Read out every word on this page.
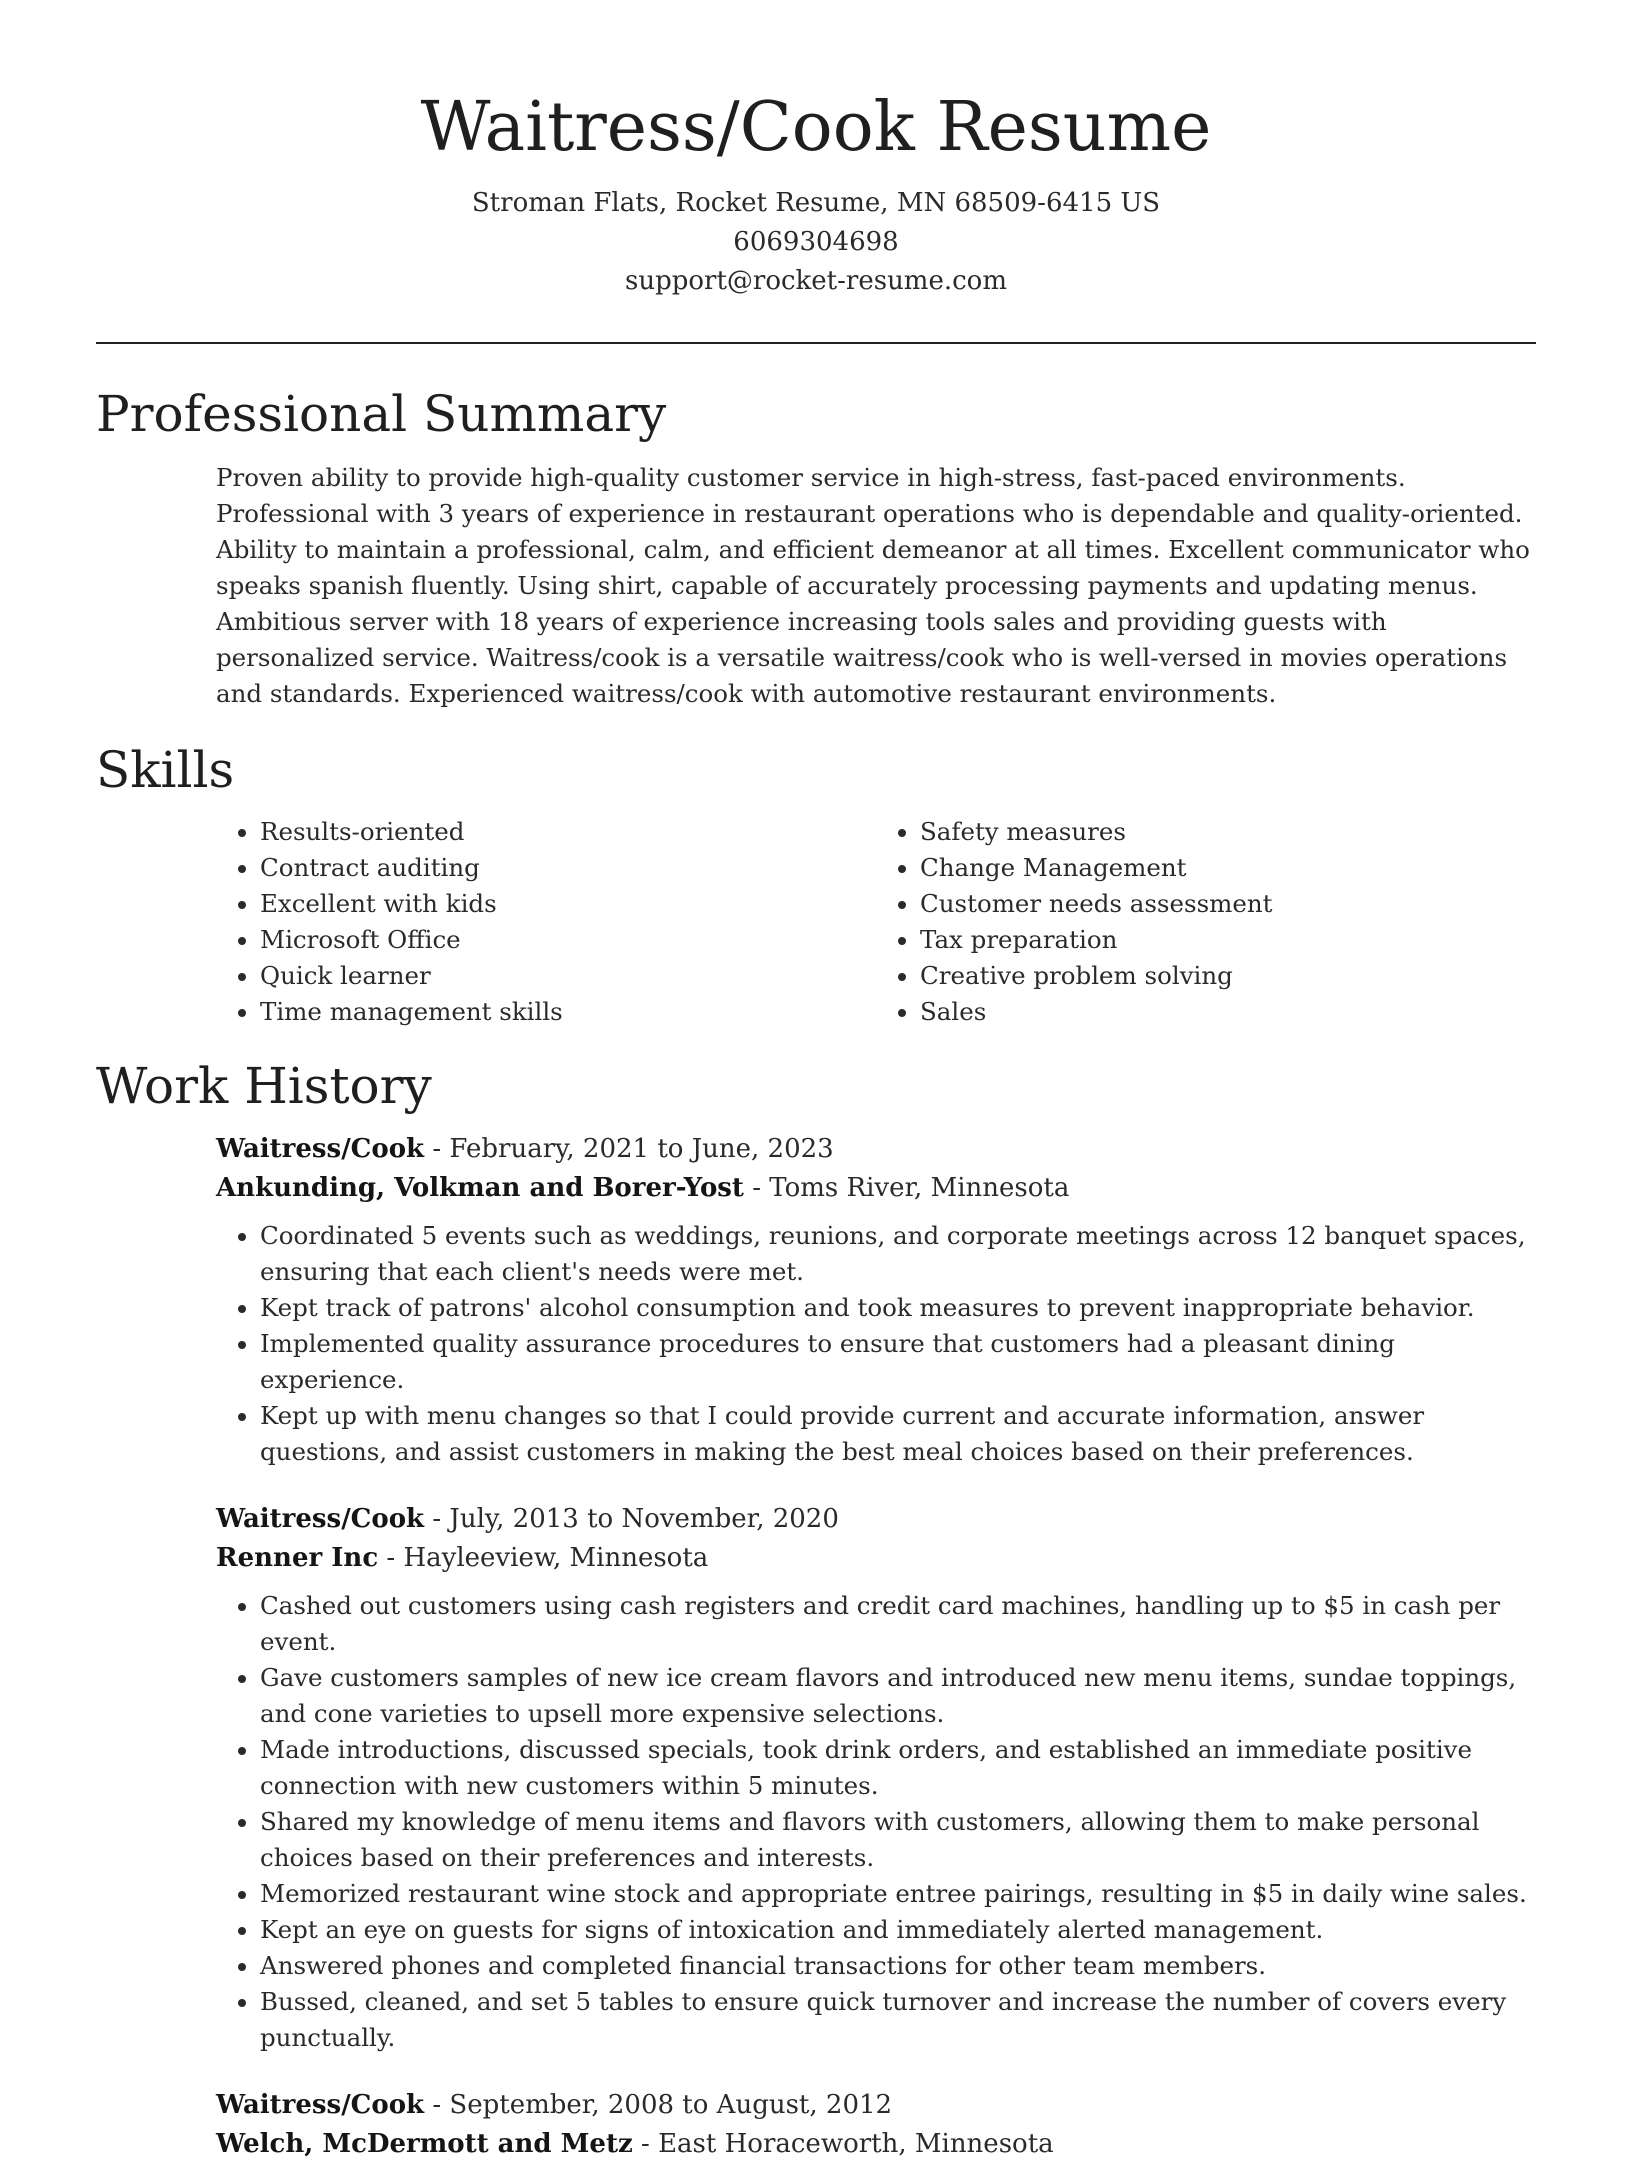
Waitress/Cook Resume
Stroman Flats, Rocket Resume, MN 68509-6415 US
6069304698
support@rocket-resume.com
Professional Summary

Proven ability to provide high-quality customer service in high-stress, fast-paced environments. Professional with 3 years of experience in restaurant operations who is dependable and quality-oriented. Ability to maintain a professional, calm, and efficient demeanor at all times. Excellent communicator who speaks spanish fluently. Using shirt, capable of accurately processing payments and updating menus. Ambitious server with 18 years of experience increasing tools sales and providing guests with personalized service. Waitress/cook is a versatile waitress/cook who is well-versed in movies operations and standards. Experienced waitress/cook with automotive restaurant environments.

Skills
• Results-oriented
• Contract auditing
• Excellent with kids
• Microsoft Office
• Quick learner
• Time management skills
• Safety measures
• Change Management
• Customer needs assessment
• Tax preparation
• Creative problem solving
• Sales
Work History
Waitress/Cook - February, 2021 to June, 2023
Ankunding, Volkman and Borer-Yost - Toms River, Minnesota
• Coordinated 5 events such as weddings, reunions, and corporate meetings across 12 banquet spaces, ensuring that each client's needs were met.
• Kept track of patrons' alcohol consumption and took measures to prevent inappropriate behavior.
• Implemented quality assurance procedures to ensure that customers had a pleasant dining experience.
• Kept up with menu changes so that I could provide current and accurate information, answer questions, and assist customers in making the best meal choices based on their preferences.
Waitress/Cook - July, 2013 to November, 2020
Renner Inc - Hayleeview, Minnesota
• Cashed out customers using cash registers and credit card machines, handling up to $5 in cash per event.
• Gave customers samples of new ice cream flavors and introduced new menu items, sundae toppings, and cone varieties to upsell more expensive selections.
• Made introductions, discussed specials, took drink orders, and established an immediate positive connection with new customers within 5 minutes.
• Shared my knowledge of menu items and flavors with customers, allowing them to make personal choices based on their preferences and interests.
• Memorized restaurant wine stock and appropriate entree pairings, resulting in $5 in daily wine sales.
• Kept an eye on guests for signs of intoxication and immediately alerted management.
• Answered phones and completed financial transactions for other team members.
• Bussed, cleaned, and set 5 tables to ensure quick turnover and increase the number of covers every punctually.
Waitress/Cook - September, 2008 to August, 2012
Welch, McDermott and Metz - East Horaceworth, Minnesota
